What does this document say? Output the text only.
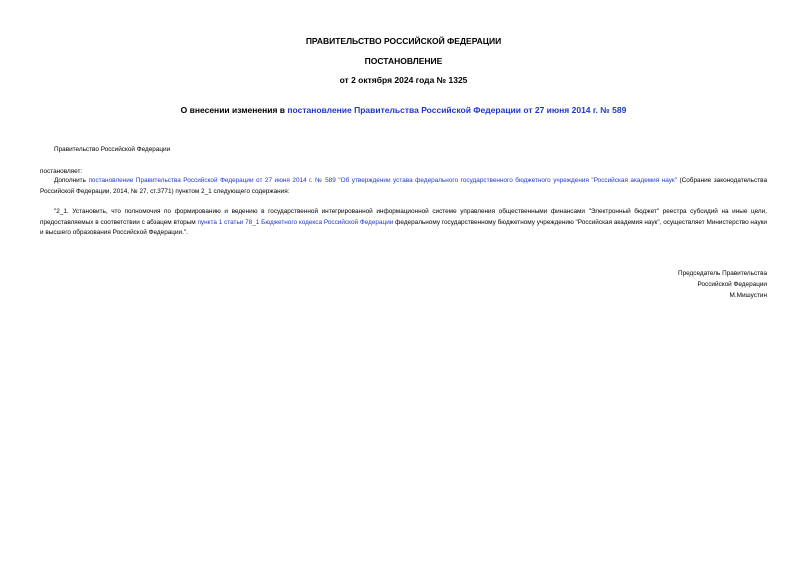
ПРАВИТЕЛЬСТВО РОССИЙСКОЙ ФЕДЕРАЦИИ
ПОСТАНОВЛЕНИЕ
от 2 октября 2024 года № 1325
О внесении изменения в постановление Правительства Российской Федерации от 27 июня 2014 г. № 589
Правительство Российской Федерации
постановляет:
Дополнить постановление Правительства Российской Федерации от 27 июня 2014 г. № 589 "Об утверждении устава федерального государственного бюджетного учреждения "Российская академия наук" (Собрание законодательства Российской Федерации, 2014, № 27, ст.3771) пунктом 2_1 следующего содержания:
"2_1. Установить, что полномочия по формированию и ведению в государственной интегрированной информационной системе управления общественными финансами "Электронный бюджет" реестра субсидий на иные цели, предоставляемых в соответствии с абзацем вторым пункта 1 статьи 78_1 Бюджетного кодекса Российской Федерации федеральному государственному бюджетному учреждению "Российская академия наук", осуществляет Министерство науки и высшего образования Российской Федерации.".
Председатель Правительства
Российской Федерации
М.Мишустин
